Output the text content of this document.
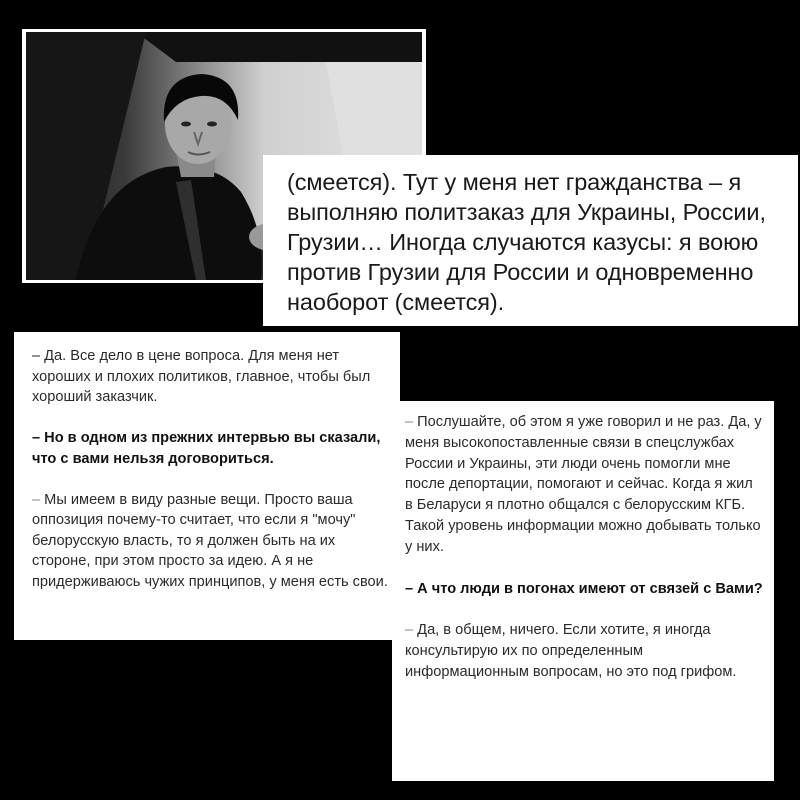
(смеется). Тут у меня нет гражданства – я выполняю политзаказ для Украины, России, Грузии… Иногда случаются казусы: я воюю против Грузии для России и одновременно наоборот (смеется).

– Да. Все дело в цене вопроса. Для меня нет хороших и плохих политиков, главное, чтобы был хороший заказчик.

– Но в одном из прежних интервью вы сказали, что с вами нельзя договориться.

– Мы имеем в виду разные вещи. Просто ваша оппозиция почему-то считает, что если я "мочу" белорусскую власть, то я должен быть на их стороне, при этом просто за идею. А я не придерживаюсь чужих принципов, у меня есть свои.

– Послушайте, об этом я уже говорил и не раз. Да, у меня высокопоставленные связи в спецслужбах России и Украины, эти люди очень помогли мне после депортации, помогают и сейчас. Когда я жил в Беларуси я плотно общался с белорусским КГБ. Такой уровень информации можно добывать только у них.

– А что люди в погонах имеют от связей с Вами?

– Да, в общем, ничего. Если хотите, я иногда консультирую их по определенным информационным вопросам, но это под грифом.
